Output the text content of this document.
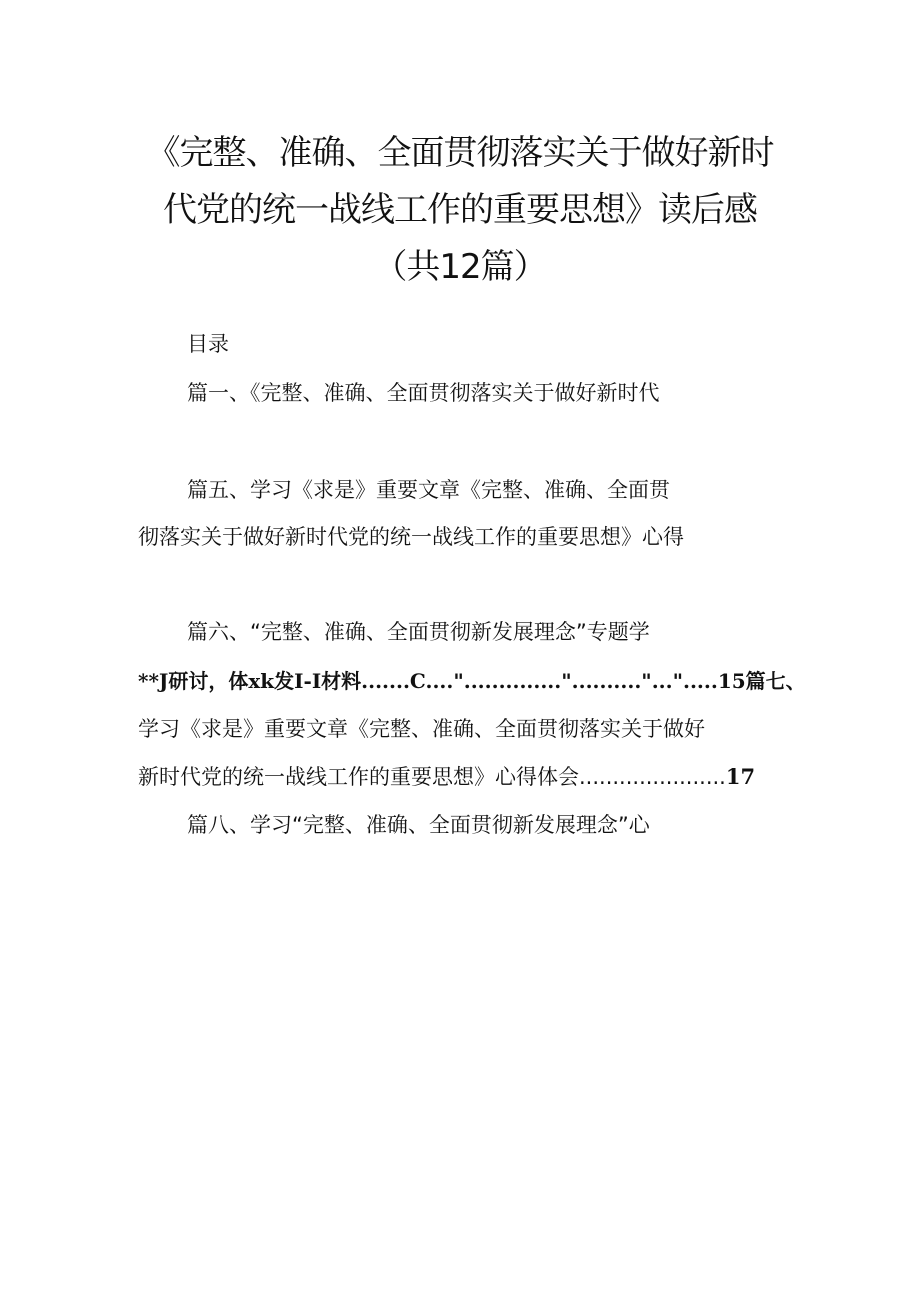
《完整、准确、全面贯彻落实关于做好新时
代党的统一战线工作的重要思想》读后感
（共12篇）
目录
篇一、《完整、准确、全面贯彻落实关于做好新时代
篇五、学习《求是》重要文章《完整、准确、全面贯
彻落实关于做好新时代党的统一战线工作的重要思想》心得
篇六、“完整、准确、全面贯彻新发展理念”专题学
**J研讨，体xk发I-I材料.......C...."..............".........."...".....15篇七、
学习《求是》重要文章《完整、准确、全面贯彻落实关于做好
新时代党的统一战线工作的重要思想》心得体会......................17
篇八、学习“完整、准确、全面贯彻新发展理念”心
